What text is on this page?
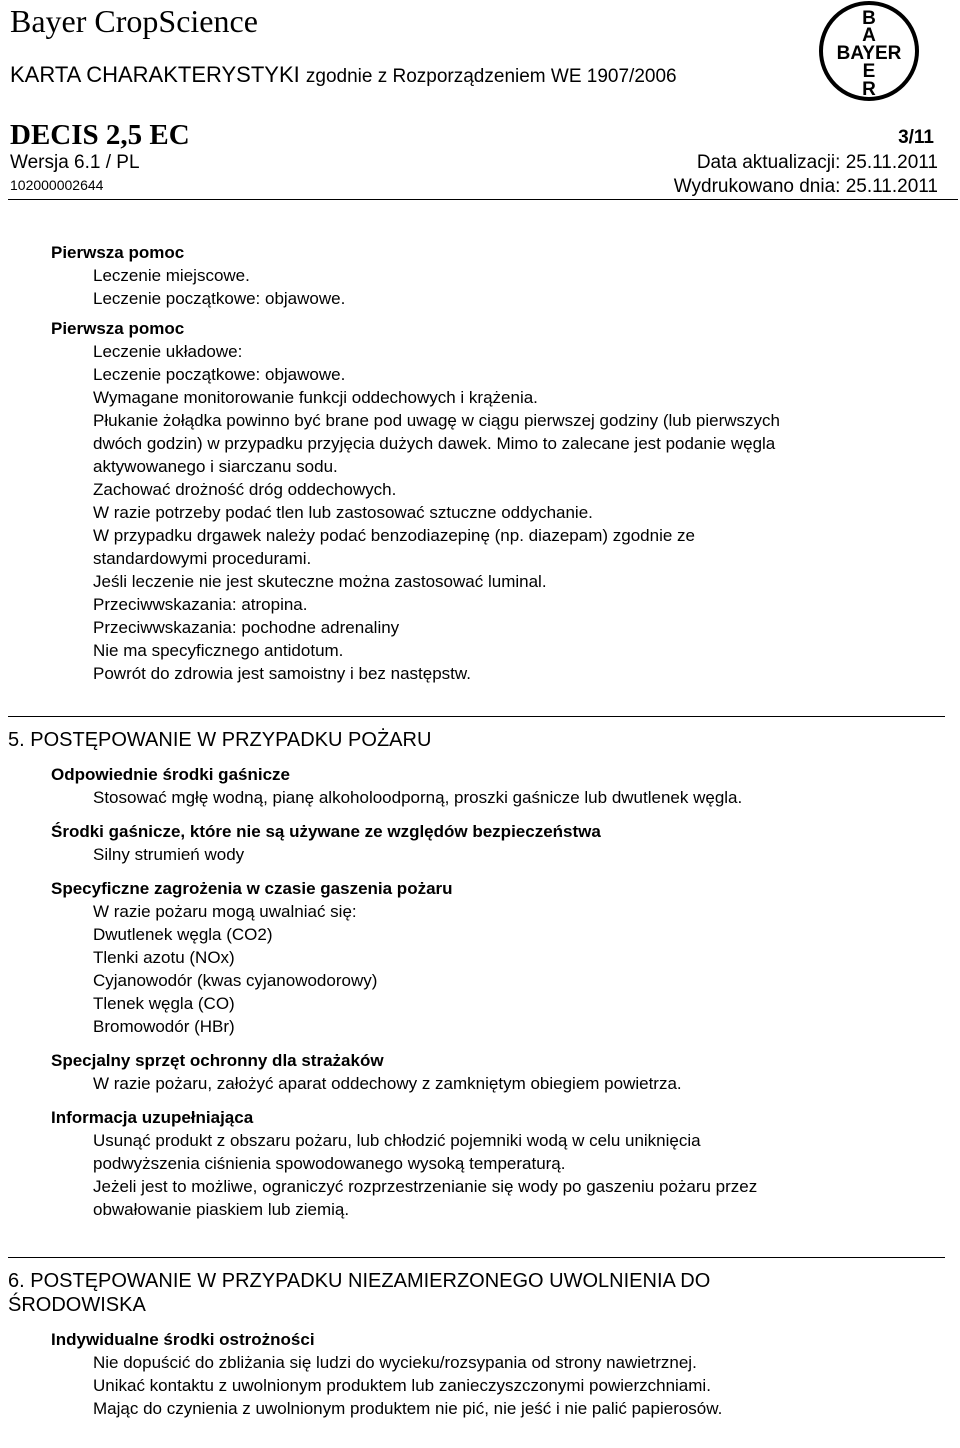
Bayer CropScience
KARTA CHARAKTERYSTYKI zgodnie z Rozporządzeniem WE 1907/2006
B
A
BAYER
E
R
DECIS 2,5 EC	3/11
Wersja 6.1 / PL
102000002644
Data aktualizacji: 25.11.2011
Wydrukowano dnia: 25.11.2011
Pierwsza pomoc
Leczenie miejscowe.
Leczenie początkowe: objawowe.
Pierwsza pomoc
Leczenie układowe:
Leczenie początkowe: objawowe.
Wymagane monitorowanie funkcji oddechowych i krążenia.
Płukanie żołądka powinno być brane pod uwagę w ciągu pierwszej godziny (lub pierwszych
dwóch godzin) w przypadku przyjęcia dużych dawek. Mimo to zalecane jest podanie węgla
aktywowanego i siarczanu sodu.
Zachować drożność dróg oddechowych.
W razie potrzeby podać tlen lub zastosować sztuczne oddychanie.
W przypadku drgawek należy podać benzodiazepinę (np. diazepam) zgodnie ze
standardowymi procedurami.
Jeśli leczenie nie jest skuteczne można zastosować luminal.
Przeciwwskazania: atropina.
Przeciwwskazania: pochodne adrenaliny
Nie ma specyficznego antidotum.
Powrót do zdrowia jest samoistny i bez następstw.
5. POSTĘPOWANIE W PRZYPADKU POŻARU
Odpowiednie środki gaśnicze
Stosować mgłę wodną, pianę alkoholoodporną, proszki gaśnicze lub dwutlenek węgla.
Środki gaśnicze, które nie są używane ze względów bezpieczeństwa
Silny strumień wody
Specyficzne zagrożenia w czasie gaszenia pożaru
W razie pożaru mogą uwalniać się:
Dwutlenek węgla (CO2)
Tlenki azotu (NOx)
Cyjanowodór (kwas cyjanowodorowy)
Tlenek węgla (CO)
Bromowodór (HBr)
Specjalny sprzęt ochronny dla strażaków
W razie pożaru, założyć aparat oddechowy z zamkniętym obiegiem powietrza.
Informacja uzupełniająca
Usunąć produkt z obszaru pożaru, lub chłodzić pojemniki wodą w celu uniknięcia
podwyższenia ciśnienia spowodowanego wysoką temperaturą.
Jeżeli jest to możliwe, ograniczyć rozprzestrzenianie się wody po gaszeniu pożaru przez
obwałowanie piaskiem lub ziemią.
6. POSTĘPOWANIE W PRZYPADKU NIEZAMIERZONEGO UWOLNIENIA DO
ŚRODOWISKA
Indywidualne środki ostrożności
Nie dopuścić do zbliżania się ludzi do wycieku/rozsypania od strony nawietrznej.
Unikać kontaktu z uwolnionym produktem lub zanieczyszczonymi powierzchniami.
Mając do czynienia z uwolnionym produktem nie pić, nie jeść i nie palić papierosów.
